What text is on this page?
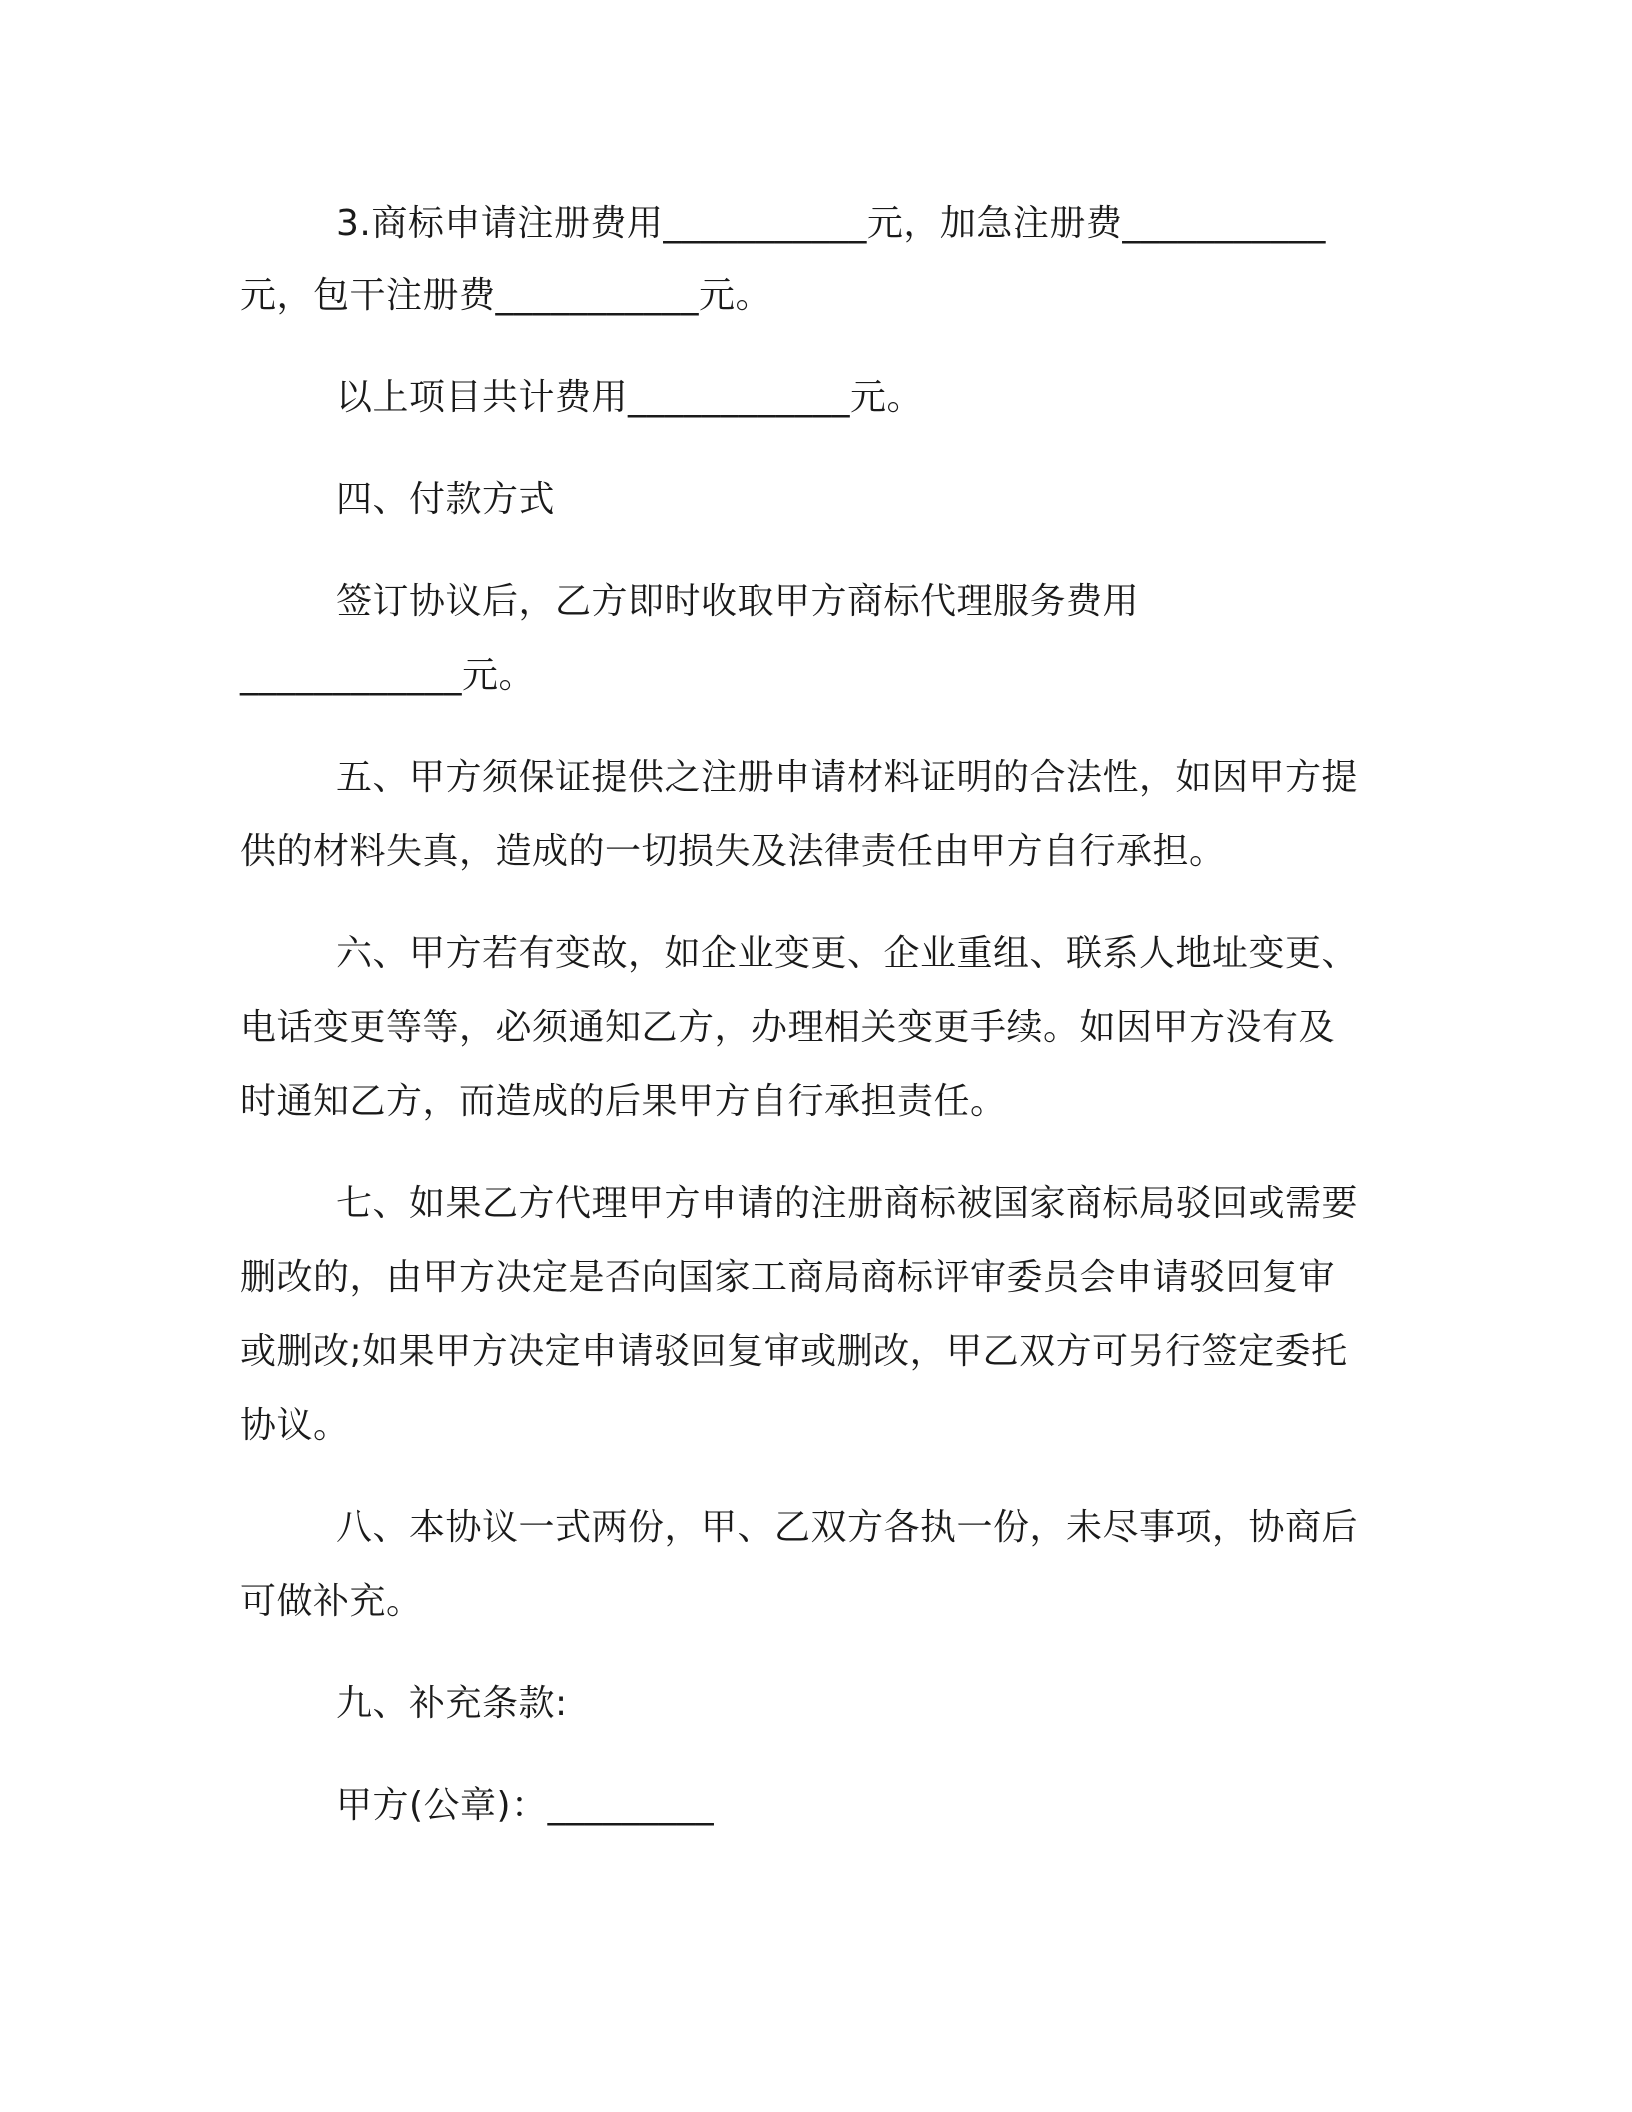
3.商标申请注册费用___________元，加急注册费___________
元，包干注册费___________元。
以上项目共计费用____________元。
四、付款方式
签订协议后，乙方即时收取甲方商标代理服务费用
____________元。
五、甲方须保证提供之注册申请材料证明的合法性，如因甲方提
供的材料失真，造成的一切损失及法律责任由甲方自行承担。
六、甲方若有变故，如企业变更、企业重组、联系人地址变更、
电话变更等等，必须通知乙方，办理相关变更手续。如因甲方没有及
时通知乙方，而造成的后果甲方自行承担责任。
七、如果乙方代理甲方申请的注册商标被国家商标局驳回或需要
删改的，由甲方决定是否向国家工商局商标评审委员会申请驳回复审
或删改;如果甲方决定申请驳回复审或删改，甲乙双方可另行签定委托
协议。
八、本协议一式两份，甲、乙双方各执一份，未尽事项，协商后
可做补充。
九、补充条款:
甲方(公章)：_________
